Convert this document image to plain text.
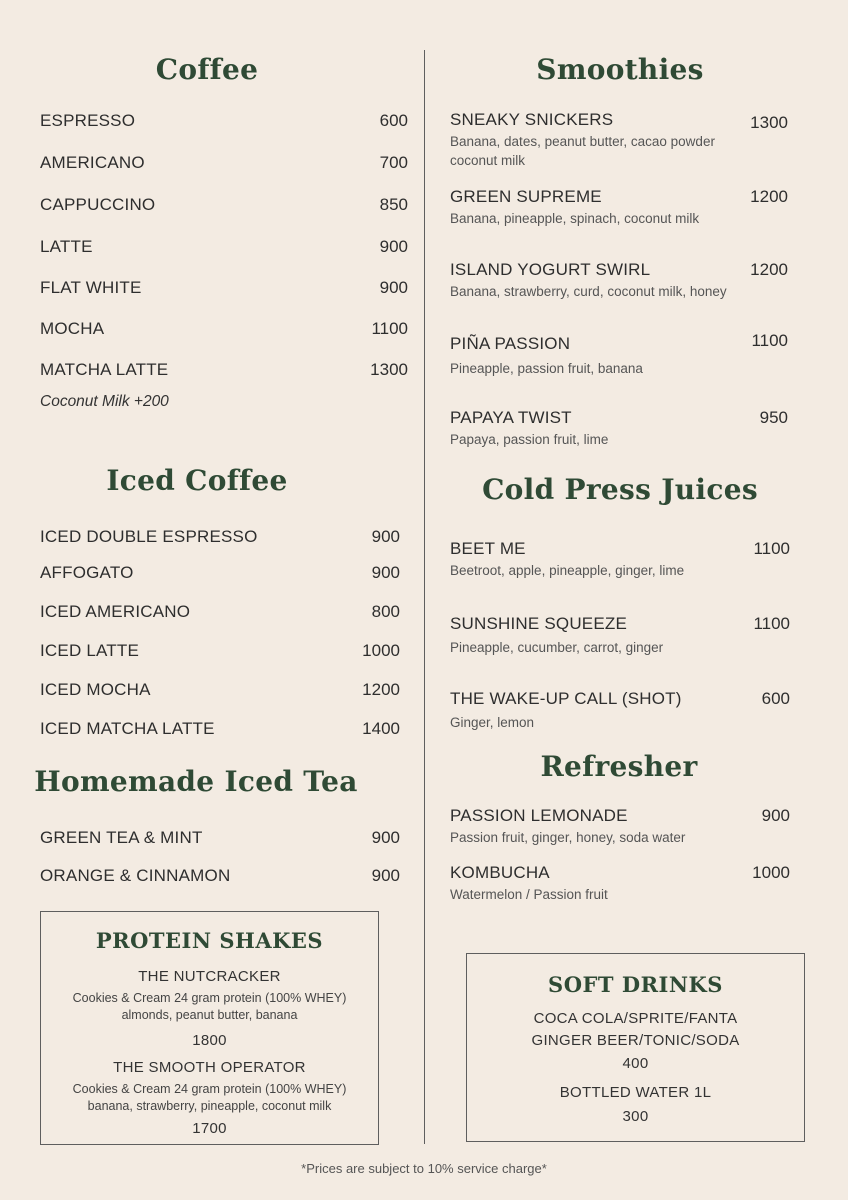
Coffee
ESPRESSO	600
AMERICANO	700
CAPPUCCINO	850
LATTE	900
FLAT WHITE	900
MOCHA	1100
MATCHA LATTE	1300
Coconut Milk +200
Iced Coffee
ICED DOUBLE ESPRESSO	900
AFFOGATO	900
ICED AMERICANO	800
ICED LATTE	1000
ICED MOCHA	1200
ICED MATCHA LATTE	1400
Homemade Iced Tea
GREEN TEA & MINT	900
ORANGE & CINNAMON	900
PROTEIN SHAKES
THE NUTCRACKER
Cookies & Cream 24 gram protein (100% WHEY)
almonds, peanut butter, banana
1800
THE SMOOTH OPERATOR
Cookies & Cream 24 gram protein (100% WHEY)
banana, strawberry, pineapple, coconut milk
1700
Smoothies
SNEAKY SNICKERS	1300
Banana, dates, peanut butter, cacao powder coconut milk
GREEN SUPREME	1200
Banana, pineapple, spinach, coconut milk
ISLAND YOGURT SWIRL	1200
Banana, strawberry, curd, coconut milk, honey
PIÑA PASSION	1100
Pineapple, passion fruit, banana
PAPAYA TWIST	950
Papaya, passion fruit, lime
Cold Press Juices
BEET ME	1100
Beetroot, apple, pineapple, ginger, lime
SUNSHINE SQUEEZE	1100
Pineapple, cucumber, carrot, ginger
THE WAKE-UP CALL (SHOT)	600
Ginger, lemon
Refresher
PASSION LEMONADE	900
Passion fruit, ginger, honey, soda water
KOMBUCHA	1000
Watermelon / Passion fruit
SOFT DRINKS
COCA COLA/SPRITE/FANTA
GINGER BEER/TONIC/SODA
400
BOTTLED WATER 1L
300
*Prices are subject to 10% service charge*
